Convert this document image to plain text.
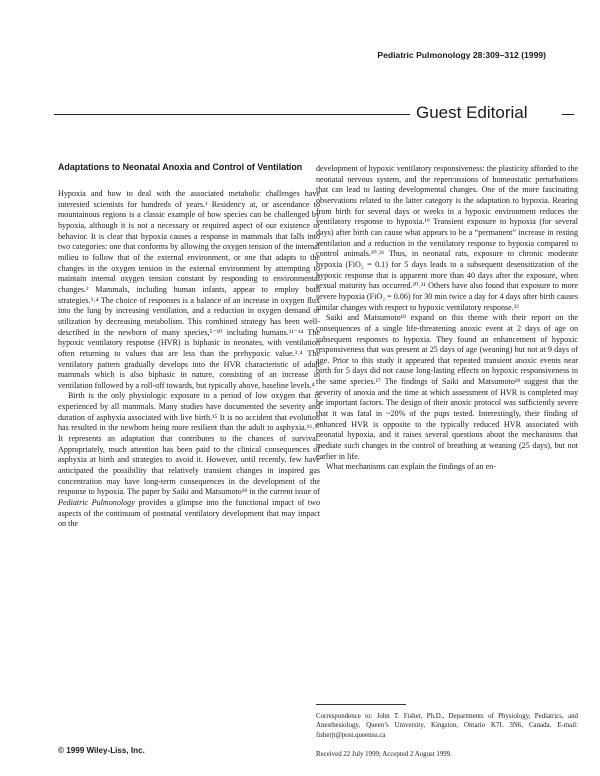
Pediatric Pulmonology 28:309–312 (1999)
Guest Editorial
Adaptations to Neonatal Anoxia and Control of Ventilation

Hypoxia and how to deal with the associated metabolic challenges have interested scientists for hundreds of years.¹ Residency at, or ascendance to mountainous regions is a classic example of how species can be challenged by hypoxia, although it is not a necessary or required aspect of our existence or behavior. It is clear that hypoxia causes a response in mammals that falls into two categories: one that conforms by allowing the oxygen tension of the internal milieu to follow that of the external environment, or one that adapts to the changes in the oxygen tension in the external environment by attempting to maintain internal oxygen tension constant by responding to environmental changes.² Mammals, including human infants, appear to employ both strategies.³˒⁴ The choice of responses is a balance of an increase in oxygen flux into the lung by increasing ventilation, and a reduction in oxygen demand or utilization by decreasing metabolism. This combined strategy has been well-described in the newborn of many species,⁵⁻¹⁰ including humans.¹¹⁻¹⁴ The hypoxic ventilatory response (HVR) is biphasic in neonates, with ventilation often returning to values that are less than the prehypoxic value.³˒⁴ The ventilatory pattern gradually develops into the HVR characteristic of adult mammals which is also biphasic in nature, consisting of an increase in ventilation followed by a roll-off towards, but typically above, baseline levels.⁴

Birth is the only physiologic exposure to a period of low oxygen that is experienced by all mammals. Many studies have documented the severity and duration of asphyxia associated with live birth.¹⁵ It is no accident that evolution has resulted in the newborn being more resilient than the adult to asphyxia.¹⁶˒¹⁷ It represents an adaptation that contributes to the chances of survival. Appropriately, much attention has been paid to the clinical consequences of asphyxia at birth and strategies to avoid it. However, until recently, few have anticipated the possibility that relatively transient changes in inspired gas concentration may have long-term consequences in the development of the response to hypoxia. The paper by Saiki and Matsumoto¹⁸ in the current issue of Pediatric Pulmonology provides a glimpse into the functional impact of two aspects of the continuum of postnatal ventilatory development that may impact on the

development of hypoxic ventilatory responsiveness: the plasticity afforded to the neonatal nervous system, and the repercussions of homeostatic perturbations that can lead to lasting developmental changes. One of the more fascinating observations related to the latter category is the adaptation to hypoxia. Rearing from birth for several days or weeks in a hypoxic environment reduces the ventilatory response to hypoxia.¹⁹ Transient exposure to hypoxia (for several days) after birth can cause what appears to be a “permanent” increase in resting ventilation and a reduction in the ventilatory response to hypoxia compared to control animals.²⁰˒²¹ Thus, in neonatal rats, exposure to chronic moderate hypoxia (FiO₂ = 0.1) for 5 days leads to a subsequent desensitization of the hypoxic response that is apparent more than 40 days after the exposure, when sexual maturity has occurred.²⁰˒²¹ Others have also found that exposure to more severe hypoxia (FiO₂ = 0.06) for 30 min twice a day for 4 days after birth causes similar changes with respect to hypoxic ventilatory response.²²

Saiki and Matsumoto¹⁸ expand on this theme with their report on the consequences of a single life-threatening anoxic event at 2 days of age on subsequent responses to hypoxia. They found an enhancement of hypoxic responsiveness that was present at 25 days of age (weaning) but not at 9 days of age. Prior to this study it appeared that repeated transient anoxic events near birth for 5 days did not cause long-lasting effects on hypoxic responsiveness in the same species.¹⁷ The findings of Saiki and Matsumoto¹⁸ suggest that the severity of anoxia and the time at which assessment of HVR is completed may be important factors. The design of their anoxic protocol was sufficiently severe that it was fatal in ~20% of the pups tested. Interestingly, their finding of enhanced HVR is opposite to the typically reduced HVR associated with neonatal hypoxia, and it raises several questions about the mechanisms that mediate such changes in the control of breathing at weaning (25 days), but not earlier in life.

What mechanisms can explain the findings of an en-

© 1999 Wiley-Liss, Inc.
Correspondence to: John T. Fisher, Ph.D., Departments of Physiology, Pediatrics, and Anesthesiology, Queen’s University, Kingston, Ontario K7L 3N6, Canada. E-mail: fisherjt@post.queensu.ca
Received 22 July 1999; Accepted 2 August 1999.
